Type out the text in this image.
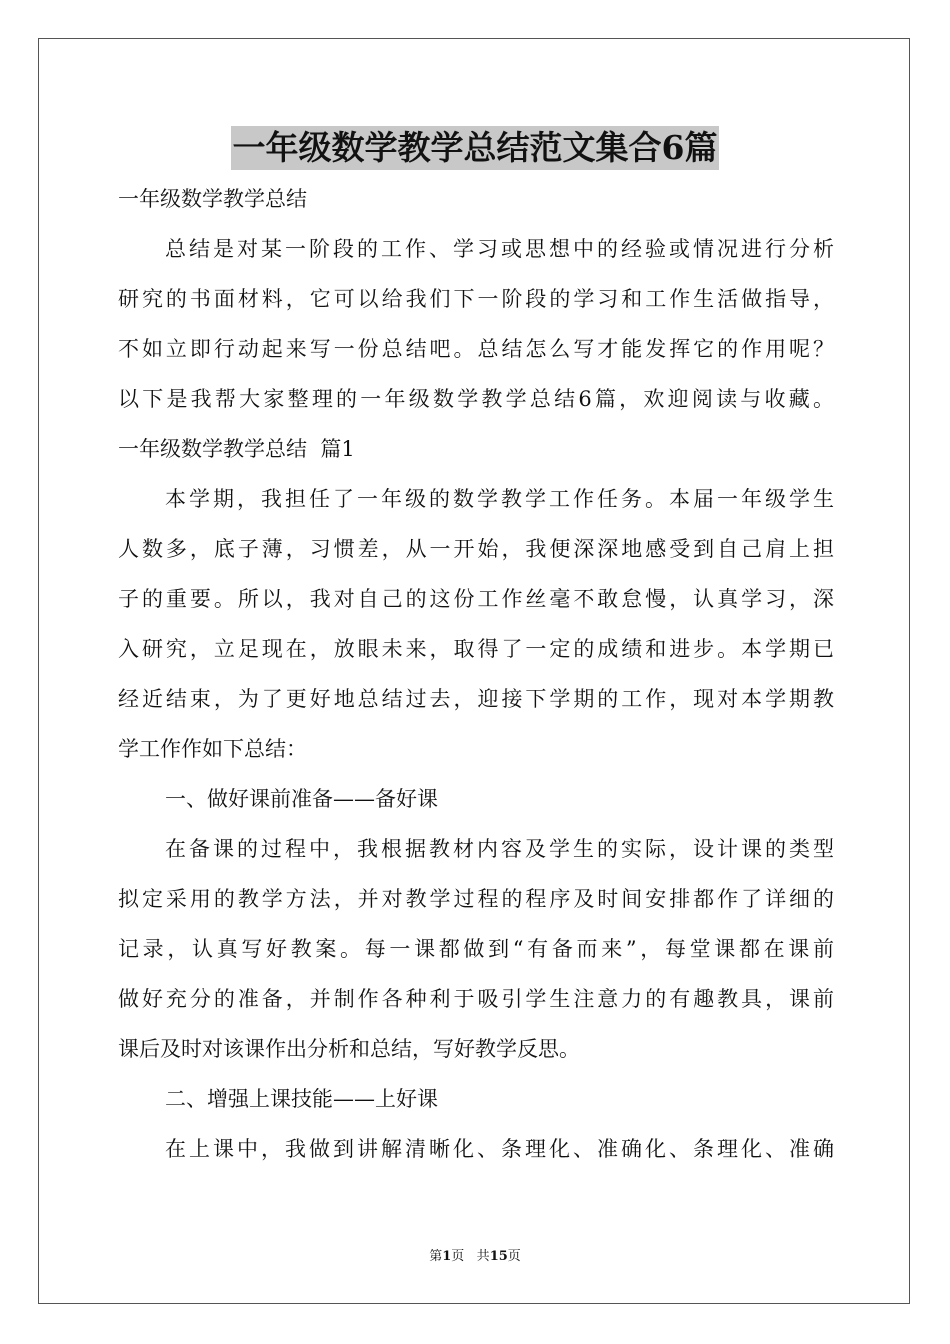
一年级数学教学总结范文集合6篇
一年级数学教学总结
总结是对某一阶段的工作、学习或思想中的经验或情况进行分析
研究的书面材料，它可以给我们下一阶段的学习和工作生活做指导，
不如立即行动起来写一份总结吧。总结怎么写才能发挥它的作用呢？
以下是我帮大家整理的一年级数学教学总结6篇，欢迎阅读与收藏。
一年级数学教学总结  篇1
本学期，我担任了一年级的数学教学工作任务。本届一年级学生
人数多，底子薄，习惯差，从一开始，我便深深地感受到自己肩上担
子的重要。所以，我对自己的这份工作丝毫不敢怠慢，认真学习，深
入研究，立足现在，放眼未来，取得了一定的成绩和进步。本学期已
经近结束，为了更好地总结过去，迎接下学期的工作，现对本学期教
学工作作如下总结：
一、做好课前准备——备好课
在备课的过程中，我根据教材内容及学生的实际，设计课的类型
拟定采用的教学方法，并对教学过程的程序及时间安排都作了详细的
记录，认真写好教案。每一课都做到“有备而来”，每堂课都在课前
做好充分的准备，并制作各种利于吸引学生注意力的有趣教具，课前
课后及时对该课作出分析和总结，写好教学反思。
二、增强上课技能——上好课
在上课中，我做到讲解清晰化、条理化、准确化、条理化、准确
第1页 共15页
